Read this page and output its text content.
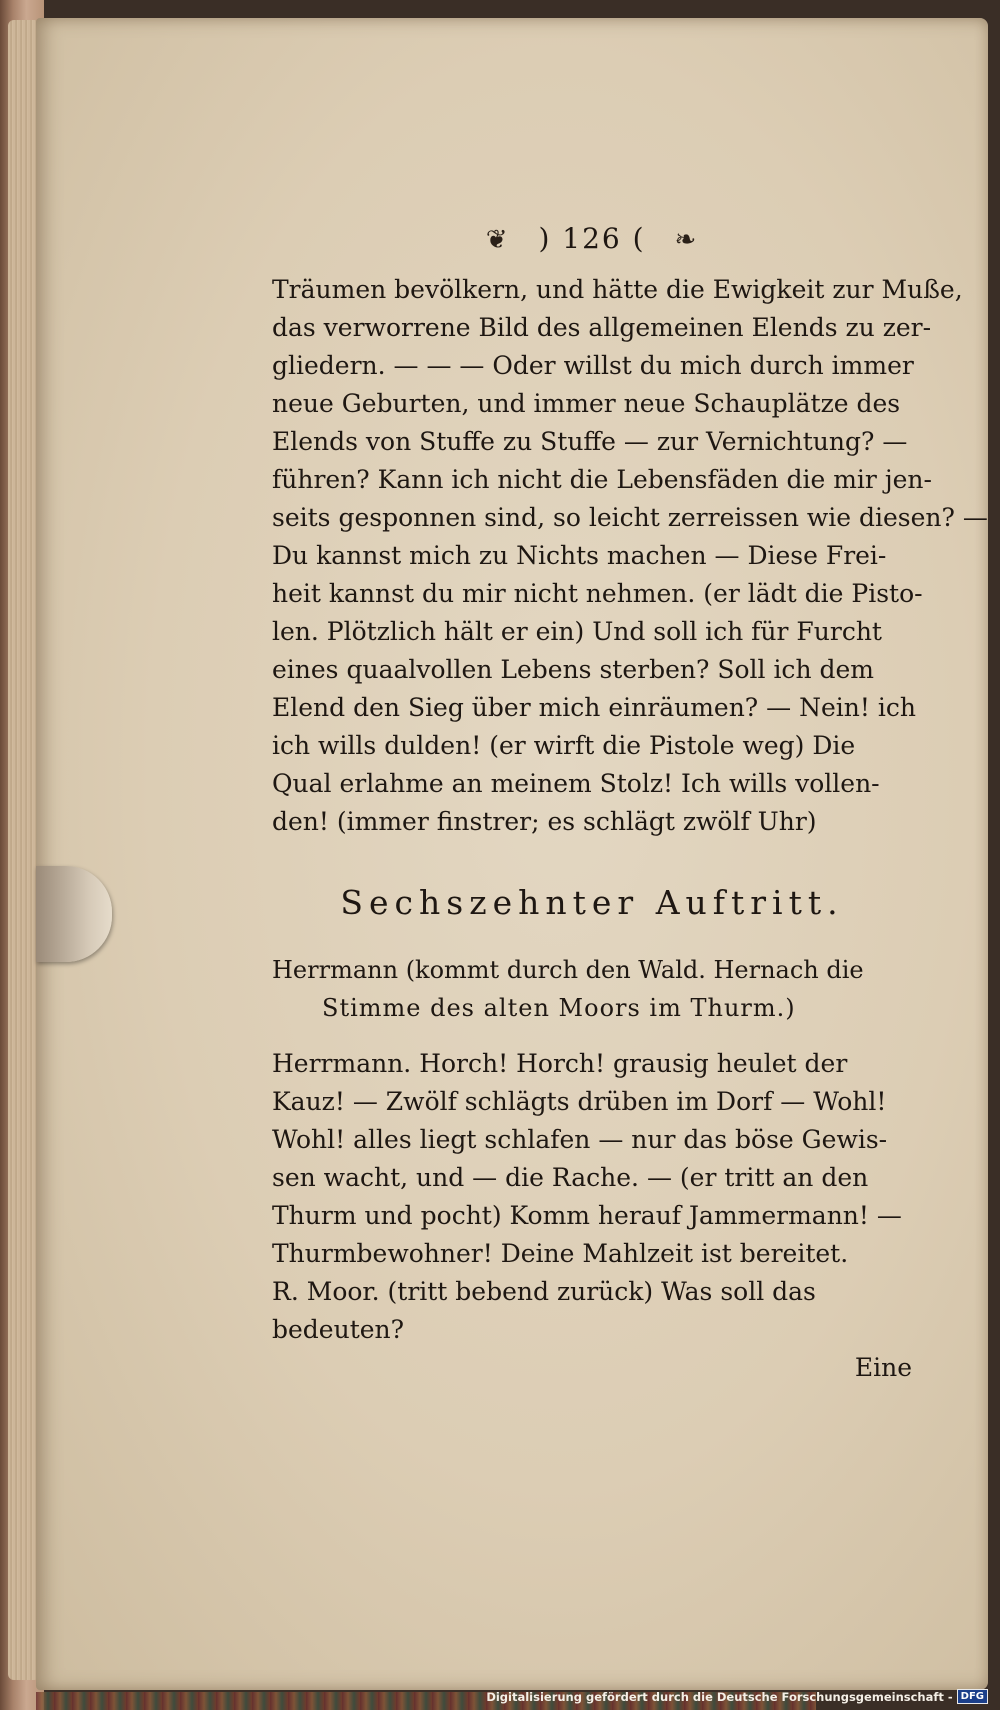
❦ ) 126 ( ❧
Träumen bevölkern, und hätte die Ewigkeit zur Muße,
das verworrene Bild des allgemeinen Elends zu zer-
gliedern. — — — Oder willst du mich durch immer
neue Geburten, und immer neue Schauplätze des
Elends von Stuffe zu Stuffe — zur Vernichtung? —
führen? Kann ich nicht die Lebensfäden die mir jen-
seits gesponnen sind, so leicht zerreissen wie diesen? —
Du kannst mich zu Nichts machen — Diese Frei-
heit kannst du mir nicht nehmen. (er lädt die Pisto-
len. Plötzlich hält er ein) Und soll ich für Furcht
eines quaalvollen Lebens sterben? Soll ich dem
Elend den Sieg über mich einräumen? — Nein! ich
ich wills dulden! (er wirft die Pistole weg) Die
Qual erlahme an meinem Stolz! Ich wills vollen-
den! (immer finstrer; es schlägt zwölf Uhr)
Sechszehnter Auftritt.
Herrmann (kommt durch den Wald. Hernach die
Stimme des alten Moors im Thurm.)
Herrmann. Horch! Horch! grausig heulet der
Kauz! — Zwölf schlägts drüben im Dorf — Wohl!
Wohl! alles liegt schlafen — nur das böse Gewis-
sen wacht, und — die Rache. — (er tritt an den
Thurm und pocht) Komm herauf Jammermann! —
Thurmbewohner! Deine Mahlzeit ist bereitet.
R. Moor. (tritt bebend zurück) Was soll das
bedeuten?
Eine
Digitalisierung gefördert durch die Deutsche Forschungsgemeinschaft - DFG
